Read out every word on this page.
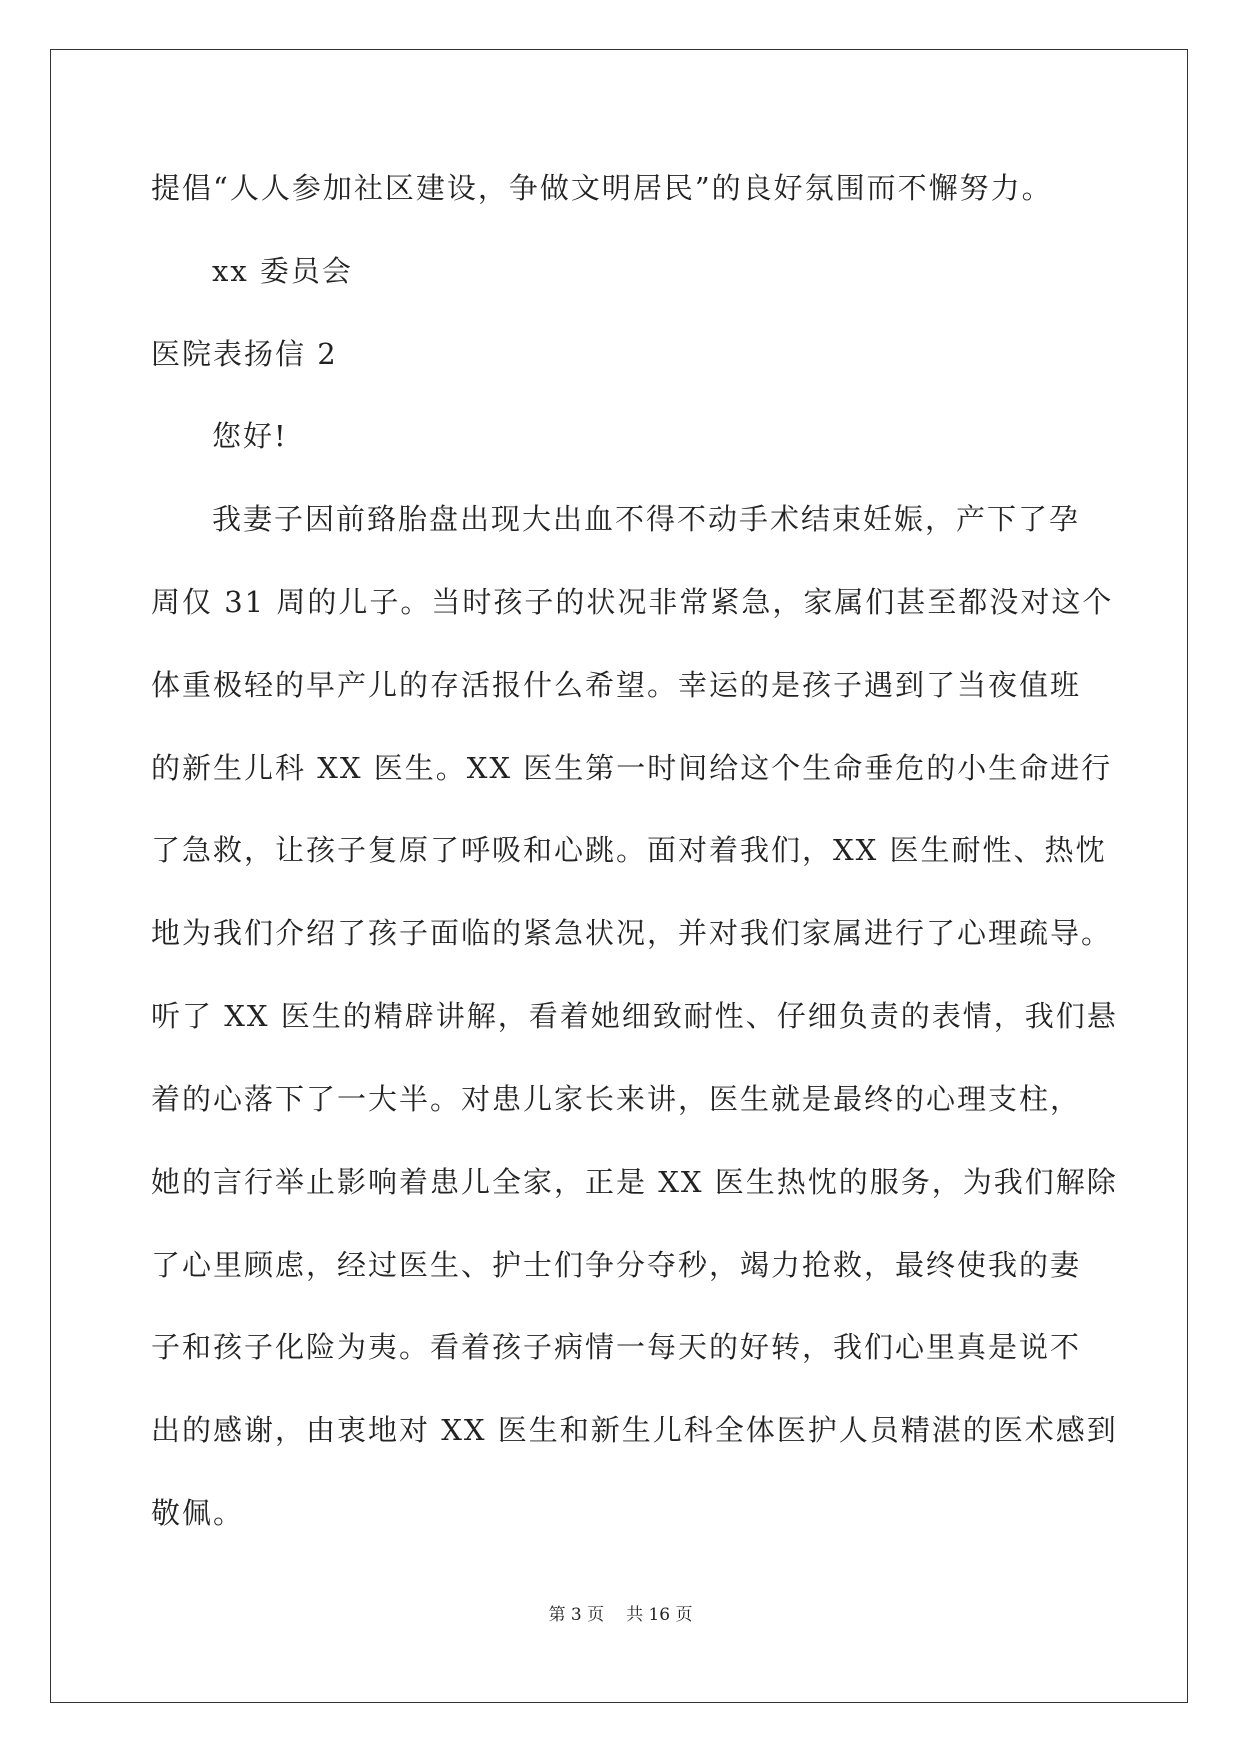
提倡“人人参加社区建设，争做文明居民”的良好氛围而不懈努力。
xx 委员会
医院表扬信 2
您好!
我妻子因前臵胎盘出现大出血不得不动手术结束妊娠，产下了孕
周仅 31 周的儿子。当时孩子的状况非常紧急，家属们甚至都没对这个
体重极轻的早产儿的存活报什么希望。幸运的是孩子遇到了当夜值班
的新生儿科 XX 医生。XX 医生第一时间给这个生命垂危的小生命进行
了急救，让孩子复原了呼吸和心跳。面对着我们，XX 医生耐性、热忱
地为我们介绍了孩子面临的紧急状况，并对我们家属进行了心理疏导。
听了 XX 医生的精辟讲解，看着她细致耐性、仔细负责的表情，我们悬
着的心落下了一大半。对患儿家长来讲，医生就是最终的心理支柱，
她的言行举止影响着患儿全家，正是 XX 医生热忱的服务，为我们解除
了心里顾虑，经过医生、护士们争分夺秒，竭力抢救，最终使我的妻
子和孩子化险为夷。看着孩子病情一每天的好转，我们心里真是说不
出的感谢，由衷地对 XX 医生和新生儿科全体医护人员精湛的医术感到
敬佩。
第 3 页 共 16 页
